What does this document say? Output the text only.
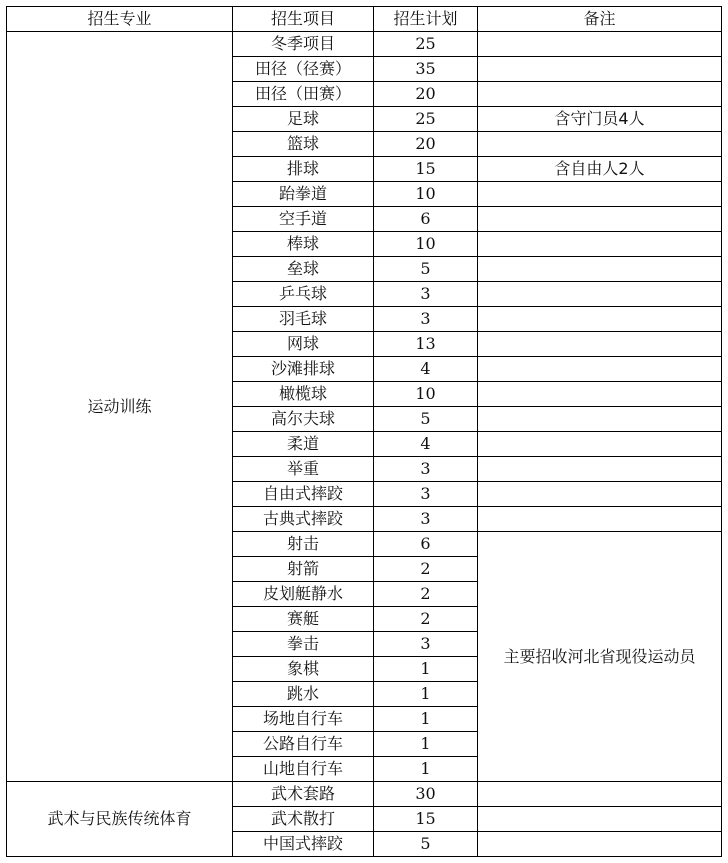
招生专业	招生项目	招生计划	备注
运动训练	冬季项目	25	
	田径（径赛）	35	
	田径（田赛）	20	
	足球	25	含守门员4人
	篮球	20	
	排球	15	含自由人2人
	跆拳道	10	
	空手道	6	
	棒球	10	
	垒球	5	
	乒乓球	3	
	羽毛球	3	
	网球	13	
	沙滩排球	4	
	橄榄球	10	
	高尔夫球	5	
	柔道	4	
	举重	3	
	自由式摔跤	3	
	古典式摔跤	3	
	射击	6	主要招收河北省现役运动员
	射箭	2	
	皮划艇静水	2	
	赛艇	2	
	拳击	3	
	象棋	1	
	跳水	1	
	场地自行车	1	
	公路自行车	1	
	山地自行车	1	
武术与民族传统体育	武术套路	30	
	武术散打	15	
	中国式摔跤	5	
